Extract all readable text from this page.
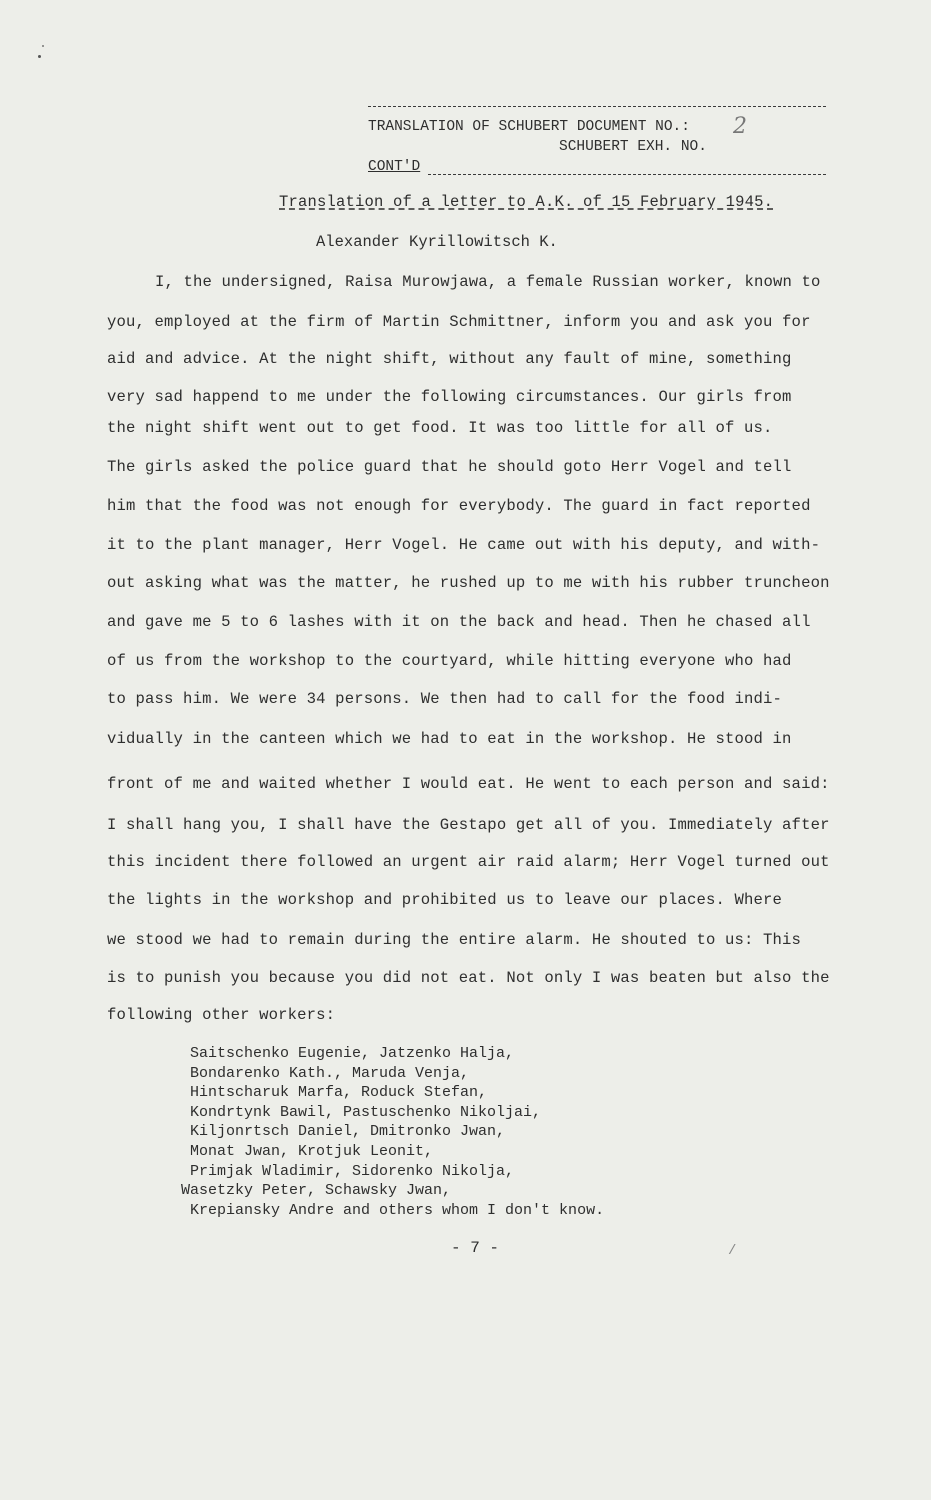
TRANSLATION OF SCHUBERT DOCUMENT NO.: 2
SCHUBERT EXH. NO.
CONT'D
Translation of a letter to A.K. of 15 February 1945.
Alexander Kyrillowitsch K.
I, the undersigned, Raisa Murowjawa, a female Russian worker, known to
you, employed at the firm of Martin Schmittner, inform you and ask you for
aid and advice. At the night shift, without any fault of mine, something
very sad happend to me under the following circumstances. Our girls from
the night shift went out to get food. It was too little for all of us.
The girls asked the police guard that he should goto Herr Vogel and tell
him that the food was not enough for everybody. The guard in fact reported
it to the plant manager, Herr Vogel. He came out with his deputy, and with-
out asking what was the matter, he rushed up to me with his rubber truncheon
and gave me 5 to 6 lashes with it on the back and head. Then he chased all
of us from the workshop to the courtyard, while hitting everyone who had
to pass him. We were 34 persons. We then had to call for the food indi-
vidually in the canteen which we had to eat in the workshop. He stood in
front of me and waited whether I would eat. He went to each person and said:
I shall hang you, I shall have the Gestapo get all of you. Immediately after
this incident there followed an urgent air raid alarm; Herr Vogel turned out
the lights in the workshop and prohibited us to leave our places. Where
we stood we had to remain during the entire alarm. He shouted to us: This
is to punish you because you did not eat. Not only I was beaten but also the
following other workers:
Saitschenko Eugenie, Jatzenko Halja,
Bondarenko Kath., Maruda Venja,
Hintscharuk Marfa, Roduck Stefan,
Kondrtynk Bawil, Pastuschenko Nikoljai,
Kiljonrtsch Daniel, Dmitronko Jwan,
Monat Jwan, Krotjuk Leonit,
Primjak Wladimir, Sidorenko Nikolja,
Wasetzky Peter, Schawsky Jwan,
Krepiansky Andre and others whom I don't know.
- 7 -	/
